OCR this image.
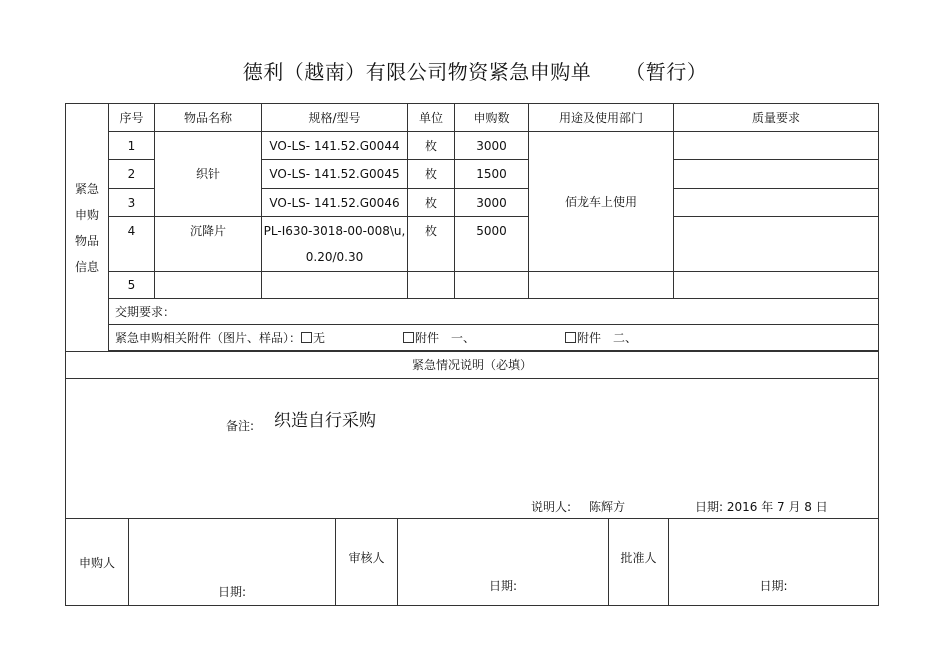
德利（越南）有限公司物资紧急申购单 （暂行）
紧急
申购
物品
信息	序号	物品名称	规格/型号	单位	申购数	用途及使用部门	质量要求
	1	织针	VO-LS- 141.52.G0044	枚	3000	佰龙车上使用	
	2		VO-LS- 141.52.G0045	枚	1500		
	3		VO-LS- 141.52.G0046	枚	3000		
	4	沉降片	PL-I630-3018-00-008\u,
0.20/0.30	枚	5000		
	5						
	交期要求：						
	紧急申购相关附件（图片、样品）： 无 附件　一、 附件　二、						

紧急情况说明（必填）							

备注: 织造自行采购
说明人: 陈辉方 日期: 2016 年 7 月 8 日							
申购人

日期:

审核人

日期:

批准人

日期:
